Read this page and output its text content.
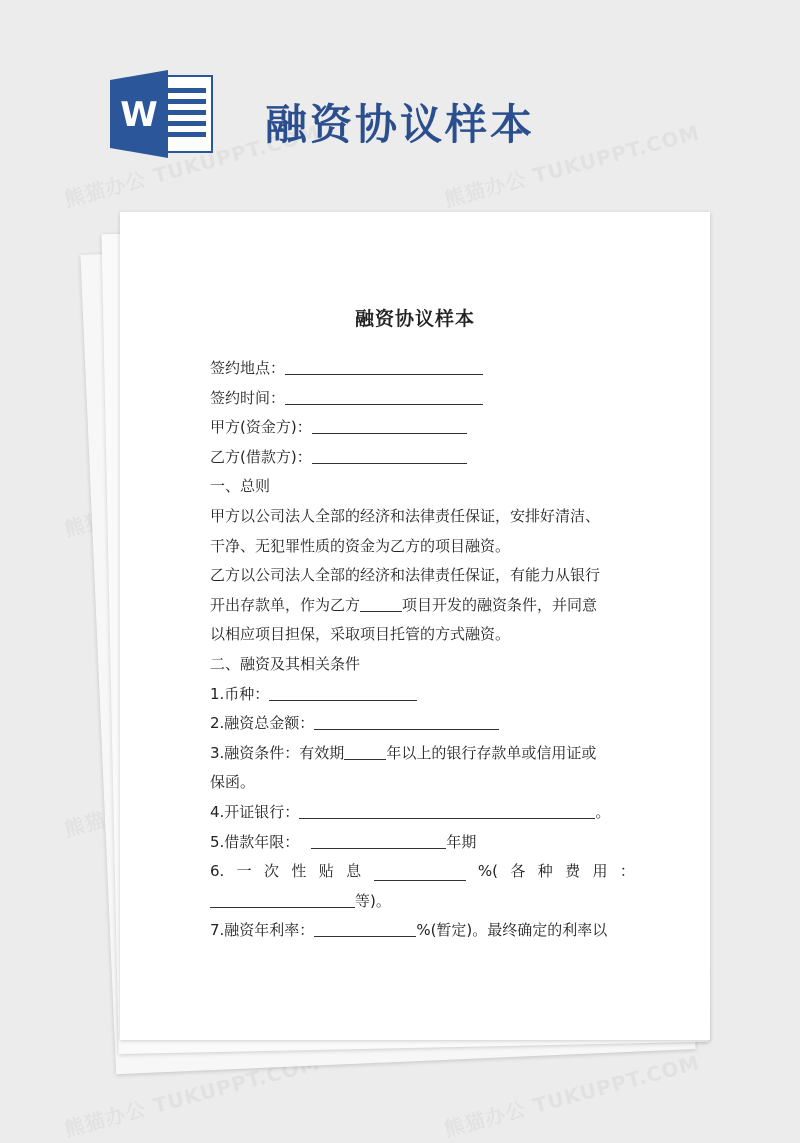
W	融资协议样本
融资协议样本
签约地点：
签约时间：
甲方(资金方)：
乙方(借款方)：
一、总则
甲方以公司法人全部的经济和法律责任保证，安排好清洁、
干净、无犯罪性质的资金为乙方的项目融资。
乙方以公司法人全部的经济和法律责任保证，有能力从银行
开出存款单，作为乙方	项目开发的融资条件，并同意
以相应项目担保，采取项目托管的方式融资。
二、融资及其相关条件
1.币种：
2.融资总金额：
3.融资条件：有效期	年以上的银行存款单或信用证或
保函。
4.开证银行：	。
5.借款年限：	年期
6. 一 次 性 贴 息	%( 各 种 费 用 ：
等)。
7.融资年利率：	%(暂定)。最终确定的利率以
